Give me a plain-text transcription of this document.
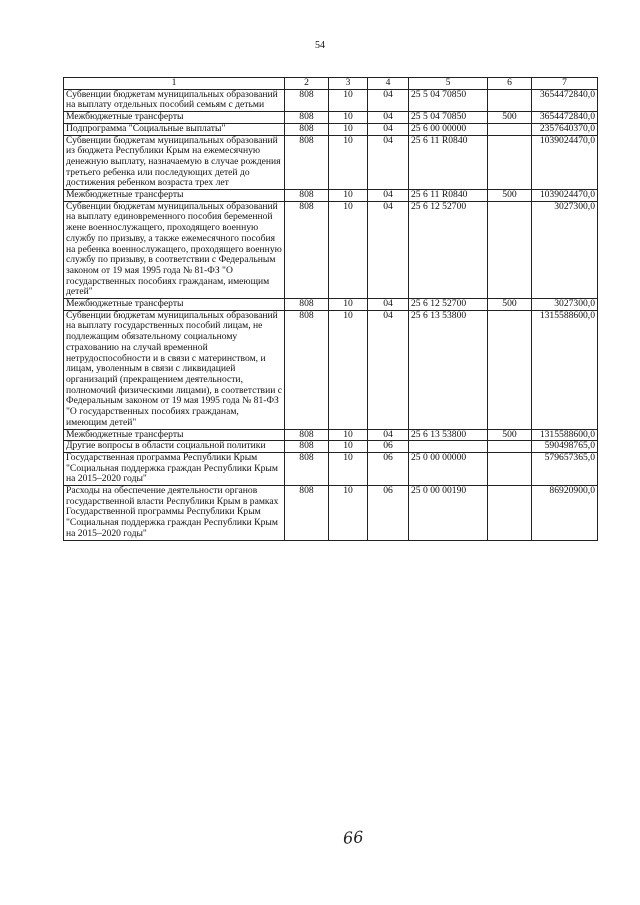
54
1	2	3	4	5	6	7
Субвенции бюджетам муниципальных образований на выплату отдельных пособий семьям с детьми	808	10	04	25 5 04 70850		3654472840,0
Межбюджетные трансферты	808	10	04	25 5 04 70850	500	3654472840,0
Подпрограмма "Социальные выплаты"	808	10	04	25 6 00 00000		2357640370,0
Субвенции бюджетам муниципальных образований из бюджета Республики Крым на ежемесячную денежную выплату, назначаемую в случае рождения третьего ребенка или последующих детей до достижения ребенком возраста трех лет	808	10	04	25 6 11 R0840		1039024470,0
Межбюджетные трансферты	808	10	04	25 6 11 R0840	500	1039024470,0
Субвенции бюджетам муниципальных образований на выплату единовременного пособия беременной жене военнослужащего, проходящего военную службу по призыву, а также ежемесячного пособия на ребенка военнослужащего, проходящего военную службу по призыву, в соответствии с Федеральным законом от 19 мая 1995 года № 81-ФЗ "О государственных пособиях гражданам, имеющим детей"	808	10	04	25 6 12 52700		3027300,0
Межбюджетные трансферты	808	10	04	25 6 12 52700	500	3027300,0
Субвенции бюджетам муниципальных образований на выплату государственных пособий лицам, не подлежащим обязательному социальному страхованию на случай временной нетрудоспособности и в связи с материнством, и лицам, уволенным в связи с ликвидацией организаций (прекращением деятельности, полномочий физическими лицами), в соответствии с Федеральным законом от 19 мая 1995 года № 81-ФЗ "О государственных пособиях гражданам, имеющим детей"	808	10	04	25 6 13 53800		1315588600,0
Межбюджетные трансферты	808	10	04	25 6 13 53800	500	1315588600,0
Другие вопросы в области социальной политики	808	10	06			590498765,0
Государственная программа Республики Крым "Социальная поддержка граждан Республики Крым на 2015–2020 годы"	808	10	06	25 0 00 00000		579657365,0
Расходы на обеспечение деятельности органов государственной власти Республики Крым в рамках Государственной программы Республики Крым "Социальная поддержка граждан Республики Крым на 2015–2020 годы"	808	10	06	25 0 00 00190		86920900,0
66
